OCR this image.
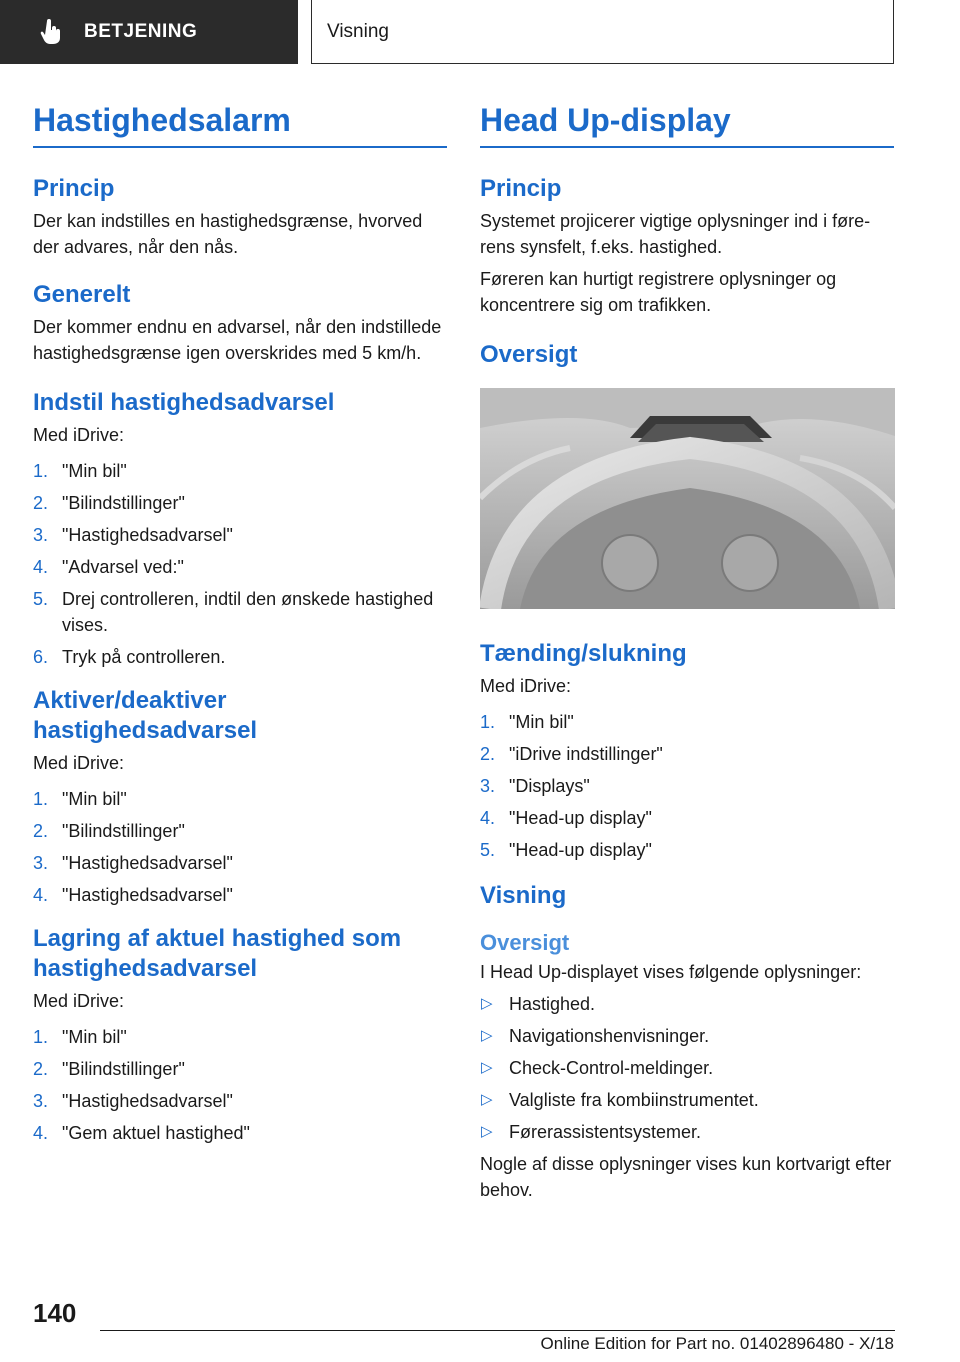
BETJENING	Visning
Hastighedsalarm
Princip

Der kan indstilles en hastighedsgrænse, hvorved der advares, når den nås.

Generelt

Der kommer endnu en advarsel, når den indstillede hastighedsgrænse igen overskrides med 5 km/h.

Indstil hastighedsadvarsel

Med iDrive:

1. "Min bil"
2. "Bilindstillinger"
3. "Hastighedsadvarsel"
4. "Advarsel ved:"
5. Drej controlleren, indtil den ønskede hastighed vises.
6. Tryk på controlleren.
Aktiver/deaktiver hastighedsadvarsel

Med iDrive:

1. "Min bil"
2. "Bilindstillinger"
3. "Hastighedsadvarsel"
4. "Hastighedsadvarsel"
Lagring af aktuel hastighed som hastighedsadvarsel

Med iDrive:

1. "Min bil"
2. "Bilindstillinger"
3. "Hastighedsadvarsel"
4. "Gem aktuel hastighed"
Head Up-display
Princip

Systemet projicerer vigtige oplysninger ind i førerens synsfelt, f.eks. hastighed.

Føreren kan hurtigt registrere oplysninger og koncentrere sig om trafikken.

Oversigt
Tænding/slukning

Med iDrive:

1. "Min bil"
2. "iDrive indstillinger"
3. "Displays"
4. "Head-up display"
5. "Head-up display"
Visning
Oversigt

I Head Up-displayet vises følgende oplysninger:

▷ Hastighed.
▷ Navigationshenvisninger.
▷ Check-Control-meldinger.
▷ Valgliste fra kombiinstrumentet.
▷ Førerassistentsystemer.

Nogle af disse oplysninger vises kun kortvarigt efter behov.

140
Online Edition for Part no. 01402896480 - X/18
